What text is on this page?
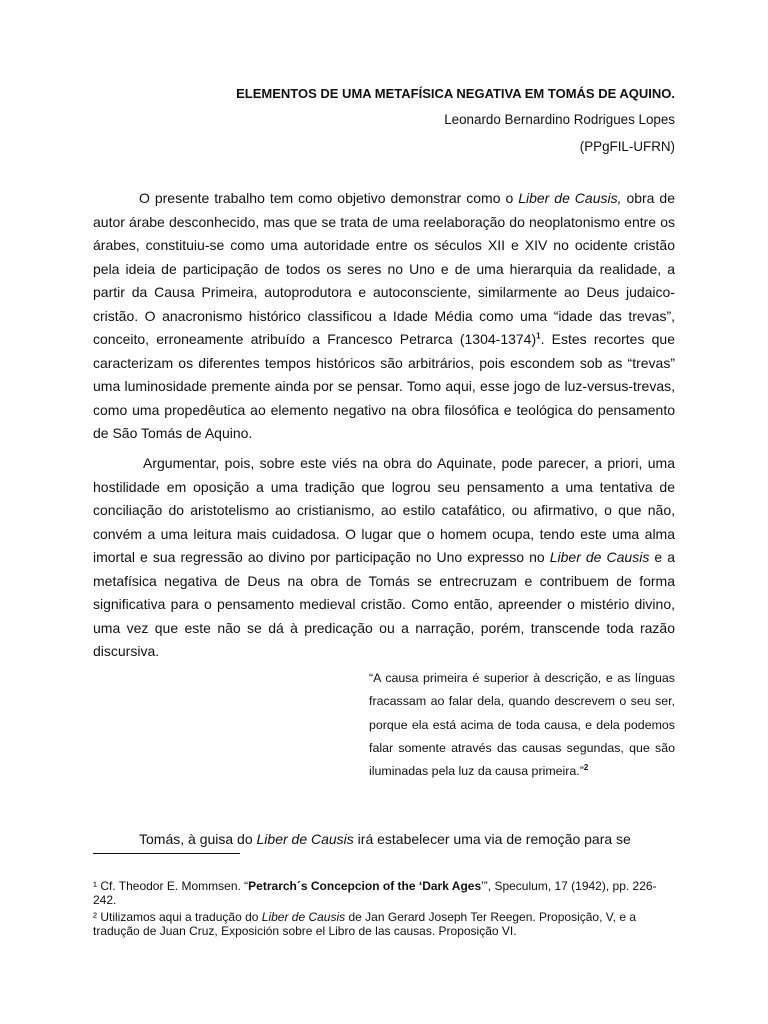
ELEMENTOS DE UMA METAFÍSICA NEGATIVA EM TOMÁS DE AQUINO.

Leonardo Bernardino Rodrigues Lopes

(PPgFIL-UFRN)

O presente trabalho tem como objetivo demonstrar como o Liber de Causis, obra de autor árabe desconhecido, mas que se trata de uma reelaboração do neoplatonismo entre os árabes, constituiu-se como uma autoridade entre os séculos XII e XIV no ocidente cristão pela ideia de participação de todos os seres no Uno e de uma hierarquia da realidade, a partir da Causa Primeira, autoprodutora e autoconsciente, similarmente ao Deus judaico-cristão. O anacronismo histórico classificou a Idade Média como uma “idade das trevas”, conceito, erroneamente atribuído a Francesco Petrarca (1304-1374)$^1$. Estes recortes que caracterizam os diferentes tempos históricos são arbitrários, pois escondem sob as “trevas” uma luminosidade premente ainda por se pensar. Tomo aqui, esse jogo de luz-versus-trevas, como uma propedêutica ao elemento negativo na obra filosófica e teológica do pensamento de São Tomás de Aquino.

Argumentar, pois, sobre este viés na obra do Aquinate, pode parecer, a priori, uma hostilidade em oposição a uma tradição que logrou seu pensamento a uma tentativa de conciliação do aristotelismo ao cristianismo, ao estilo catafático, ou afirmativo, o que não, convém a uma leitura mais cuidadosa. O lugar que o homem ocupa, tendo este uma alma imortal e sua regressão ao divino por participação no Uno expresso no Liber de Causis e a metafísica negativa de Deus na obra de Tomás se entrecruzam e contribuem de forma significativa para o pensamento medieval cristão. Como então, apreender o mistério divino, uma vez que este não se dá à predicação ou a narração, porém, transcende toda razão discursiva.

“A causa primeira é superior à descrição, e as línguas fracassam ao falar dela, quando descrevem o seu ser, porque ela está acima de toda causa, e dela podemos falar somente através das causas segundas, que são iluminadas pela luz da causa primeira.”$^2$

Tomás, à guisa do Liber de Causis irá estabelecer uma via de remoção para se

¹ Cf. Theodor E. Mommsen. “Petrarch´s Concepcion of the ‘Dark Ages’”, Speculum, 17 (1942), pp. 226-242.

² Utilizamos aqui a tradução do Liber de Causis de Jan Gerard Joseph Ter Reegen. Proposição, V, e a tradução de Juan Cruz, Exposición sobre el Libro de las causas. Proposição VI.
